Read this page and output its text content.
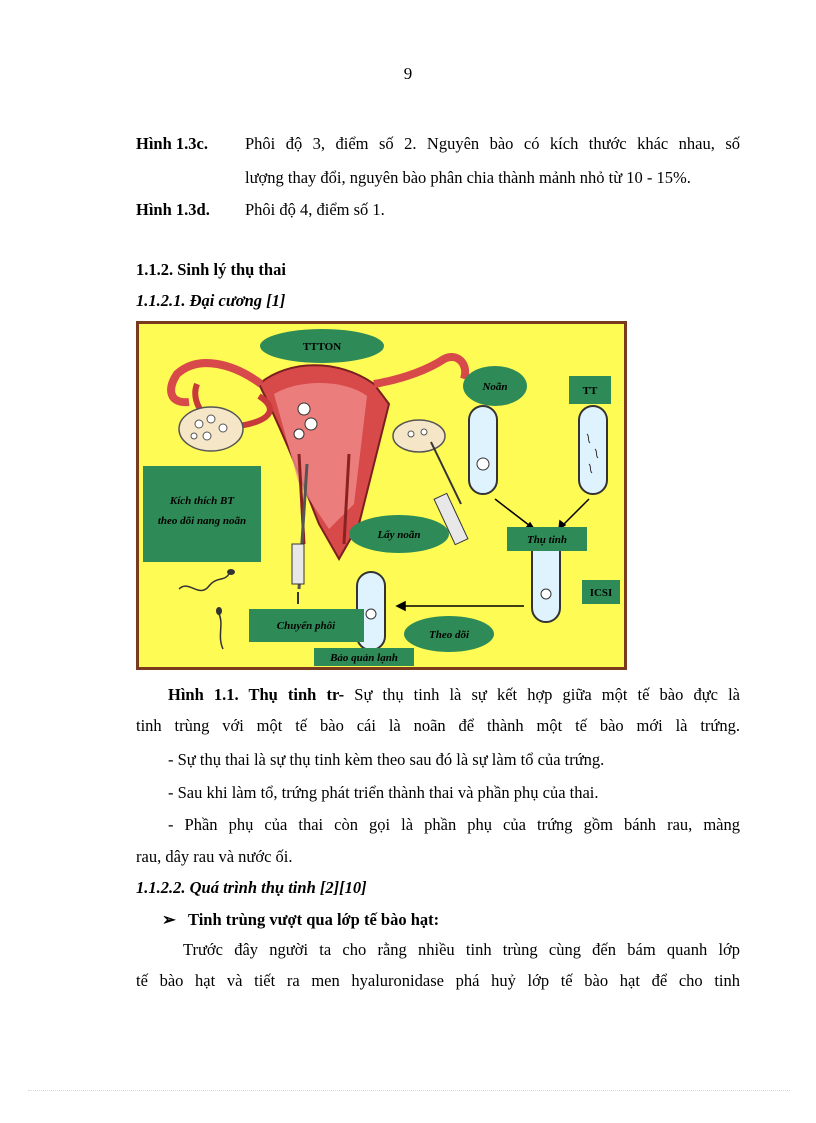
9
Hình 1.3c. Phôi độ 3, điểm số 2. Nguyên bào có kích thước khác nhau, số
lượng thay đổi, nguyên bào phân chia thành mảnh nhỏ từ 10 - 15%.
Hình 1.3d. Phôi độ 4, điểm số 1.
1.1.2. Sinh lý thụ thai
1.1.2.1. Đại cương [1]
TTTON
Noãn	TT
Kích thích BT
theo dõi nang noãn
Lấy noãn	Thụ tinh
ICSI
Chuyển phôi
Theo dõi
Bảo quản lạnh
Hình 1.1. Thụ tinh tr- Sự thụ tinh là sự kết hợp giữa một tế bào đực là
tinh trùng với một tế bào cái là noãn để thành một tế bào mới là trứng.
- Sự thụ thai là sự thụ tinh kèm theo sau đó là sự làm tổ của trứng.
- Sau khi làm tổ, trứng phát triển thành thai và phần phụ của thai.
- Phần phụ của thai còn gọi là phần phụ của trứng gồm bánh rau, màng
rau, dây rau và nước ối.
1.1.2.2. Quá trình thụ tinh [2][10]
➢ Tinh trùng vượt qua lớp tế bào hạt:
Trước đây người ta cho rằng nhiều tinh trùng cùng đến bám quanh lớp
tế bào hạt và tiết ra men hyaluronidase phá huỷ lớp tế bào hạt để cho tinh
